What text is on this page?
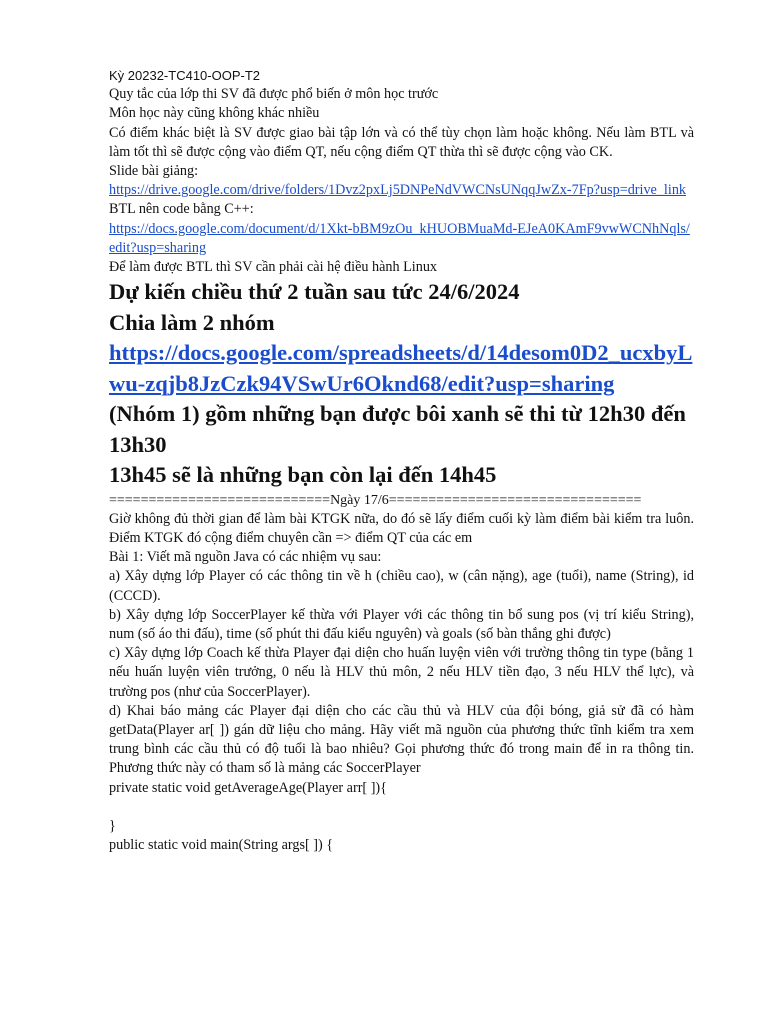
Kỳ 20232-TC410-OOP-T2

Quy tắc của lớp thi SV đã được phổ biến ở môn học trước

Môn học này cũng không khác nhiều

Có điểm khác biệt là SV được giao bài tập lớn và có thể tùy chọn làm hoặc không. Nếu làm BTL và làm tốt thì sẽ được cộng vào điểm QT, nếu cộng điểm QT thừa thì sẽ được cộng vào CK.

Slide bài giảng:

https://drive.google.com/drive/folders/1Dvz2pxLj5DNPeNdVWCNsUNqqJwZx-7Fp?usp=drive_link

BTL nên code bằng C++:

https://docs.google.com/document/d/1Xkt-bBM9zOu_kHUOBMuaMd-EJeA0KAmF9vwWCNhNqls/edit?usp=sharing

Để làm được BTL thì SV cần phải cài hệ điều hành Linux

Dự kiến chiều thứ 2 tuần sau tức 24/6/2024

Chia làm 2 nhóm

https://docs.google.com/spreadsheets/d/14desom0D2_ucxbyLwu-zqjb8JzCzk94VSwUr6Oknd68/edit?usp=sharing

(Nhóm 1) gồm những bạn được bôi xanh sẽ thi từ 12h30 đến 13h30

13h45 sẽ là những bạn còn lại đến 14h45

============================Ngày 17/6================================

Giờ không đủ thời gian để làm bài KTGK nữa, do đó sẽ lấy điểm cuối kỳ làm điểm bài kiểm tra luôn. Điểm KTGK đó cộng điểm chuyên cần => điểm QT của các em

Bài 1: Viết mã nguồn Java có các nhiệm vụ sau:

a) Xây dựng lớp Player có các thông tin về h (chiều cao), w (cân nặng), age (tuổi), name (String), id (CCCD).

b) Xây dựng lớp SoccerPlayer kế thừa với Player với các thông tin bổ sung pos (vị trí kiểu String), num (số áo thi đấu), time (số phút thi đấu kiểu nguyên) và goals (số bàn thắng ghi được)

c) Xây dựng lớp Coach kế thừa Player đại diện cho huấn luyện viên với trường thông tin type (bằng 1 nếu huấn luyện viên trưởng, 0 nếu là HLV thủ môn, 2 nếu HLV tiền đạo, 3 nếu HLV thể lực), và trường pos (như của SoccerPlayer).

d) Khai báo mảng các Player đại diện cho các cầu thủ và HLV của đội bóng, giả sử đã có hàm getData(Player ar[ ]) gán dữ liệu cho mảng. Hãy viết mã nguồn của phương thức tĩnh kiểm tra xem trung bình các cầu thủ có độ tuổi là bao nhiêu? Gọi phương thức đó trong main để in ra thông tin. Phương thức này có tham số là mảng các SoccerPlayer

private static void getAverageAge(Player arr[ ]){

}

public static void main(String args[ ]) {
